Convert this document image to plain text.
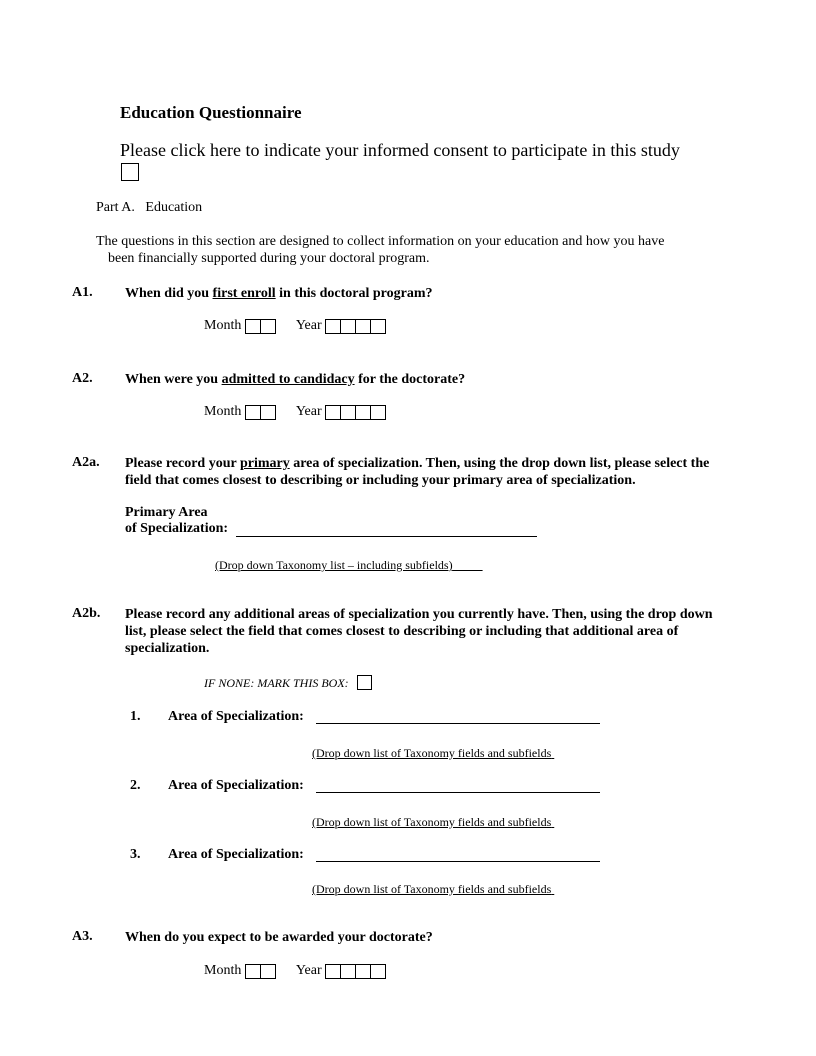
Education Questionnaire
Please click here to indicate your informed consent to participate in this study
Part A. Education
The questions in this section are designed to collect information on your education and how you have
been financially supported during your doctoral program.
A1. When did you first enroll in this doctoral program?
Month	Year
A2. When were you admitted to candidacy for the doctorate?
Month	Year
A2a. Please record your primary area of specialization. Then, using the drop down list, please select the field that comes closest to describing or including your primary area of specialization.
Primary Area
of Specialization:
(Drop down Taxonomy list – including subfields)
A2b. Please record any additional areas of specialization you currently have. Then, using the drop down list, please select the field that comes closest to describing or including that additional area of specialization.
IF NONE: MARK THIS BOX:
1. Area of Specialization:
(Drop down list of Taxonomy fields and subfields
2. Area of Specialization:
(Drop down list of Taxonomy fields and subfields
3. Area of Specialization:
(Drop down list of Taxonomy fields and subfields
A3. When do you expect to be awarded your doctorate?
Month	Year
